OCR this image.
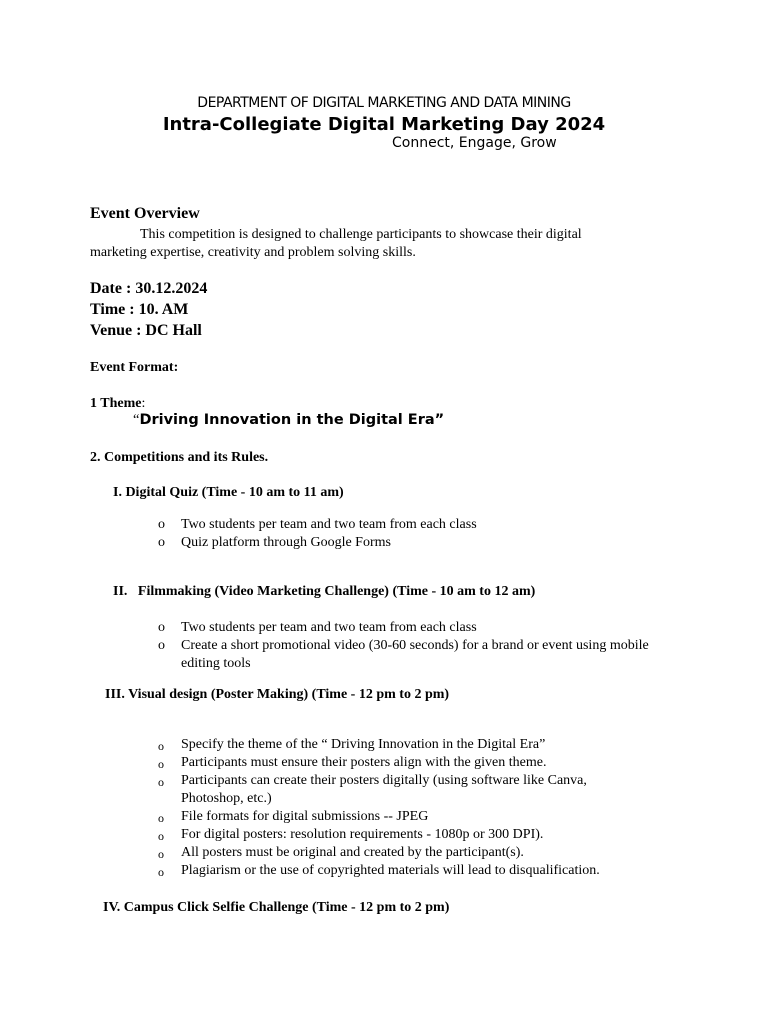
DEPARTMENT OF DIGITAL MARKETING AND DATA MINING
Intra-Collegiate Digital Marketing Day 2024
Connect, Engage, Grow
Event Overview
This competition is designed to challenge participants to showcase their digital marketing expertise, creativity and problem solving skills.
Date : 30.12.2024
Time : 10. AM
Venue : DC Hall
Event Format:
1 Theme:
“Driving Innovation in the Digital Era”
2. Competitions and its Rules.
I. Digital Quiz (Time - 10 am to 11 am)
o Two students per team and two team from each class
o Quiz platform through Google Forms
II.   Filmmaking (Video Marketing Challenge) (Time - 10 am to 12 am)
o Two students per team and two team from each class
o Create a short promotional video (30-60 seconds) for a brand or event using mobile editing tools
III. Visual design (Poster Making) (Time - 12 pm to 2 pm)
o Specify the theme of the “ Driving Innovation in the Digital Era”
o Participants must ensure their posters align with the given theme.
o Participants can create their posters digitally (using software like Canva, Photoshop, etc.)
o File formats for digital submissions -- JPEG
o For digital posters: resolution requirements - 1080p or 300 DPI).
o All posters must be original and created by the participant(s).
o Plagiarism or the use of copyrighted materials will lead to disqualification.
IV. Campus Click Selfie Challenge (Time - 12 pm to 2 pm)
